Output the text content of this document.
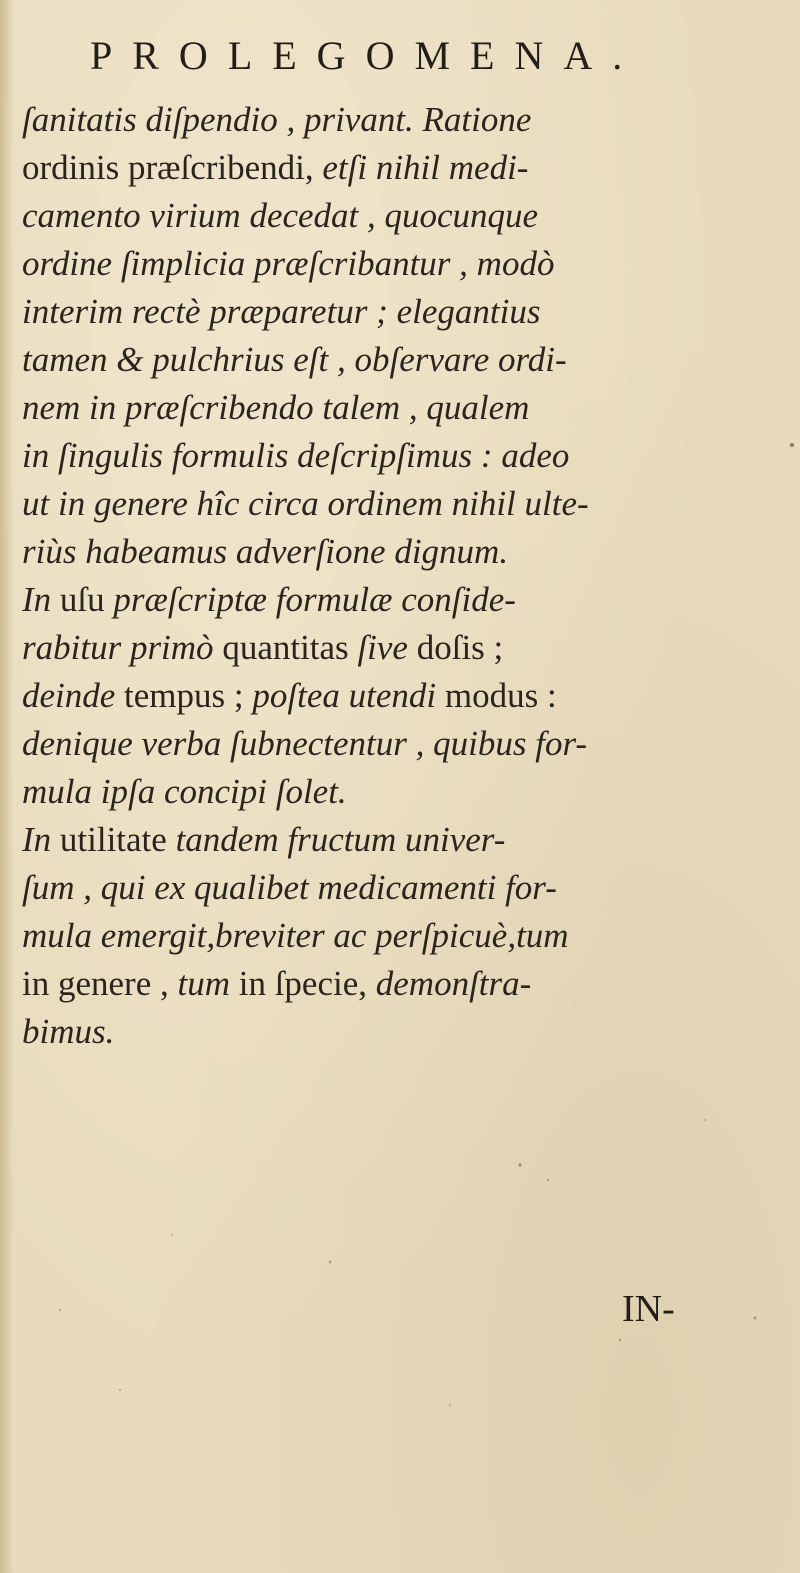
PROLEGOMENA.
ſanitatis diſpendio , privant. Ratione
ordinis præſcribendi, etſi nihil medi-
camento virium decedat , quocunque
ordine ſimplicia præſcribantur , modò
interim rectè præparetur ; elegantius
tamen & pulchrius eſt , obſervare ordi-
nem in præſcribendo talem , qualem
in ſingulis formulis deſcripſimus : adeo
ut in genere hîc circa ordinem nihil ulte-
riùs habeamus adverſione dignum.
In uſu præſcriptæ formulæ conſide-
rabitur primò quantitas ſive doſis ;
deinde tempus ; poſtea utendi modus :
denique verba ſubnectentur , quibus for-
mula ipſa concipi ſolet.
In utilitate tandem fructum univer-
ſum , qui ex qualibet medicamenti for-
mula emergit,breviter ac perſpicuè,tum
in genere , tum in ſpecie, demonſtra-
bimus.
IN-
